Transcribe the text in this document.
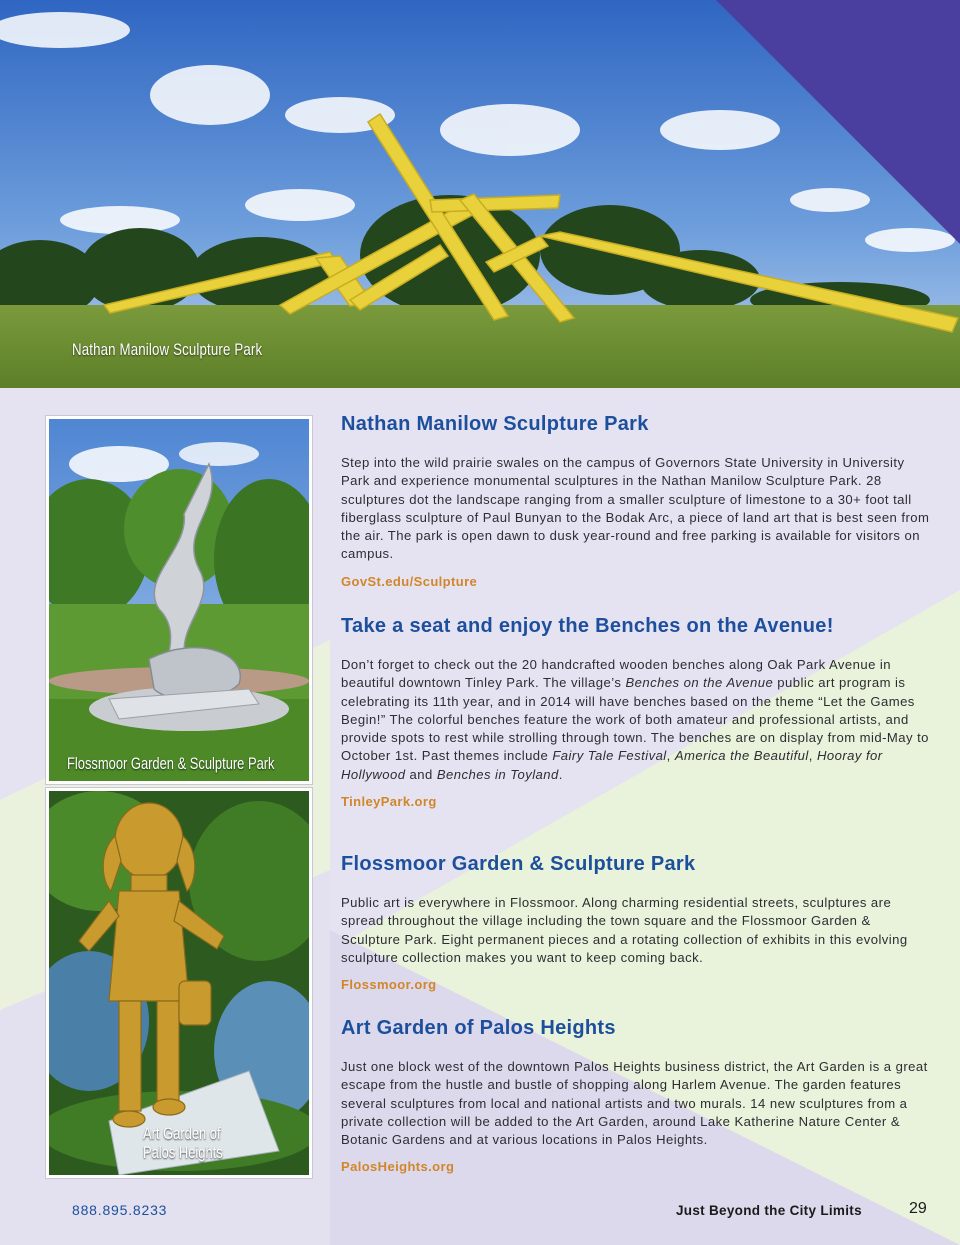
Nathan Manilow Sculpture Park
Flossmoor Garden & Sculpture Park
Art Garden of
Palos Heights
Nathan Manilow Sculpture Park

Step into the wild prairie swales on the campus of Governors State University in University Park and experience monumental sculptures in the Nathan Manilow Sculpture Park. 28 sculptures dot the landscape ranging from a smaller sculpture of limestone to a 30+ foot tall fiberglass sculpture of Paul Bunyan to the Bodak Arc, a piece of land art that is best seen from the air. The park is open dawn to dusk year-round and free parking is available for visitors on campus.

GovSt.edu/Sculpture
Take a seat and enjoy the Benches on the Avenue!

Don’t forget to check out the 20 handcrafted wooden benches along Oak Park Avenue in beautiful downtown Tinley Park. The village’s Benches on the Avenue public art program is celebrating its 11th year, and in 2014 will have benches based on the theme “Let the Games Begin!” The colorful benches feature the work of both amateur and professional artists, and provide spots to rest while strolling through town. The benches are on display from mid-May to October 1st. Past themes include Fairy Tale Festival, America the Beautiful, Hooray for Hollywood and Benches in Toyland.

TinleyPark.org
Flossmoor Garden & Sculpture Park

Public art is everywhere in Flossmoor. Along charming residential streets, sculptures are spread throughout the village including the town square and the Flossmoor Garden & Sculpture Park. Eight permanent pieces and a rotating collection of exhibits in this evolving sculpture collection makes you want to keep coming back.

Flossmoor.org
Art Garden of Palos Heights

Just one block west of the downtown Palos Heights business district, the Art Garden is a great escape from the hustle and bustle of shopping along Harlem Avenue. The garden features several sculptures from local and national artists and two murals. 14 new sculptures from a private collection will be added to the Art Garden, around Lake Katherine Nature Center & Botanic Gardens and at various locations in Palos Heights.

PalosHeights.org
888.895.8233	Just Beyond the City Limits	29
